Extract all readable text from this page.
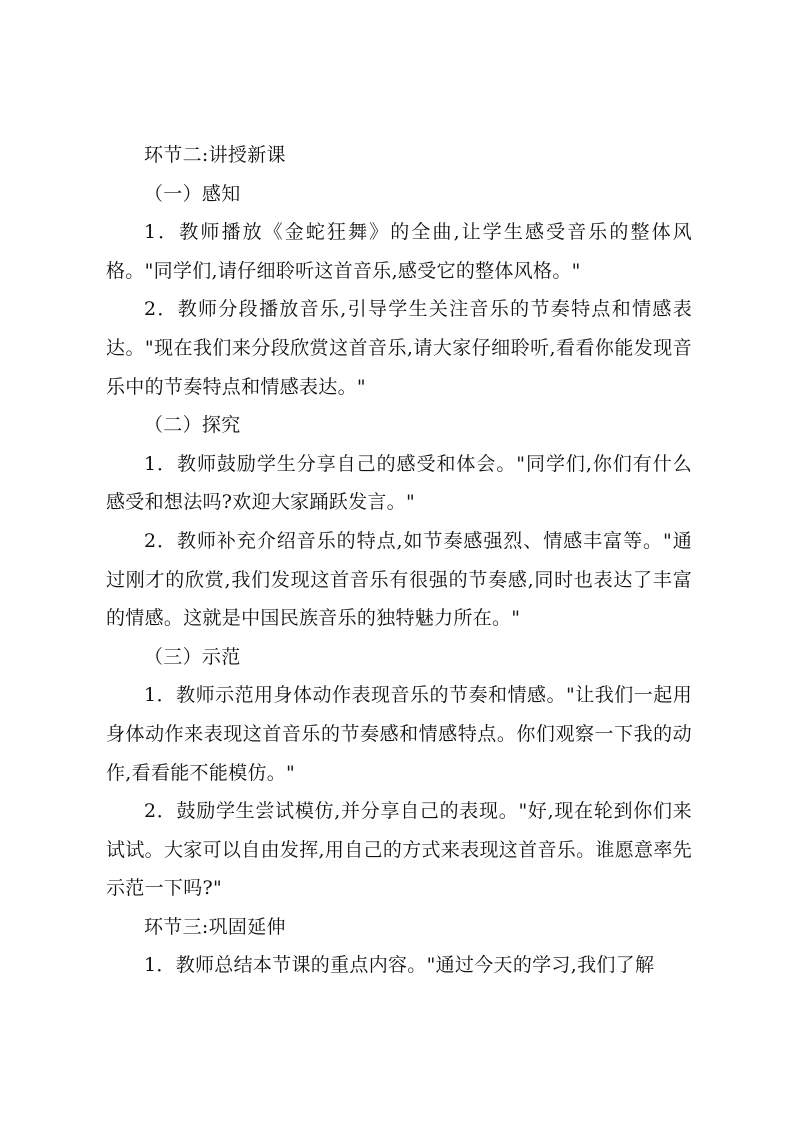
环节二:讲授新课

（一）感知

1．教师播放《金蛇狂舞》的全曲,让学生感受音乐的整体风格。"同学们,请仔细聆听这首音乐,感受它的整体风格。"

2．教师分段播放音乐,引导学生关注音乐的节奏特点和情感表达。"现在我们来分段欣赏这首音乐,请大家仔细聆听,看看你能发现音乐中的节奏特点和情感表达。"

（二）探究

1．教师鼓励学生分享自己的感受和体会。"同学们,你们有什么感受和想法吗?欢迎大家踊跃发言。"

2．教师补充介绍音乐的特点,如节奏感强烈、情感丰富等。"通过刚才的欣赏,我们发现这首音乐有很强的节奏感,同时也表达了丰富的情感。这就是中国民族音乐的独特魅力所在。"

（三）示范

1．教师示范用身体动作表现音乐的节奏和情感。"让我们一起用身体动作来表现这首音乐的节奏感和情感特点。你们观察一下我的动作,看看能不能模仿。"

2．鼓励学生尝试模仿,并分享自己的表现。"好,现在轮到你们来试试。大家可以自由发挥,用自己的方式来表现这首音乐。谁愿意率先示范一下吗?"

环节三:巩固延伸

1．教师总结本节课的重点内容。"通过今天的学习,我们了解
